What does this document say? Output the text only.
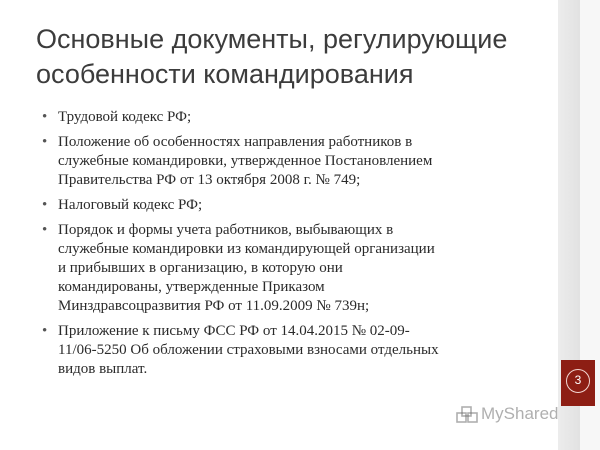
Основные документы, регулирующие
особенности командирования
• Трудовой кодекс РФ;
• Положение об особенностях направления работников в
служебные командировки, утвержденное Постановлением
Правительства РФ от 13 октября 2008 г. № 749;
• Налоговый кодекс РФ;
• Порядок и формы учета работников, выбывающих в
служебные командировки из командирующей организации
и прибывших в организацию, в которую они
командированы, утвержденные Приказом
Минздравсоцразвития РФ от 11.09.2009 № 739н;
• Приложение к письму ФСС РФ от 14.04.2015 № 02-09-
11/06-5250 Об обложении страховыми взносами отдельных
видов выплат.
3
MyShared
